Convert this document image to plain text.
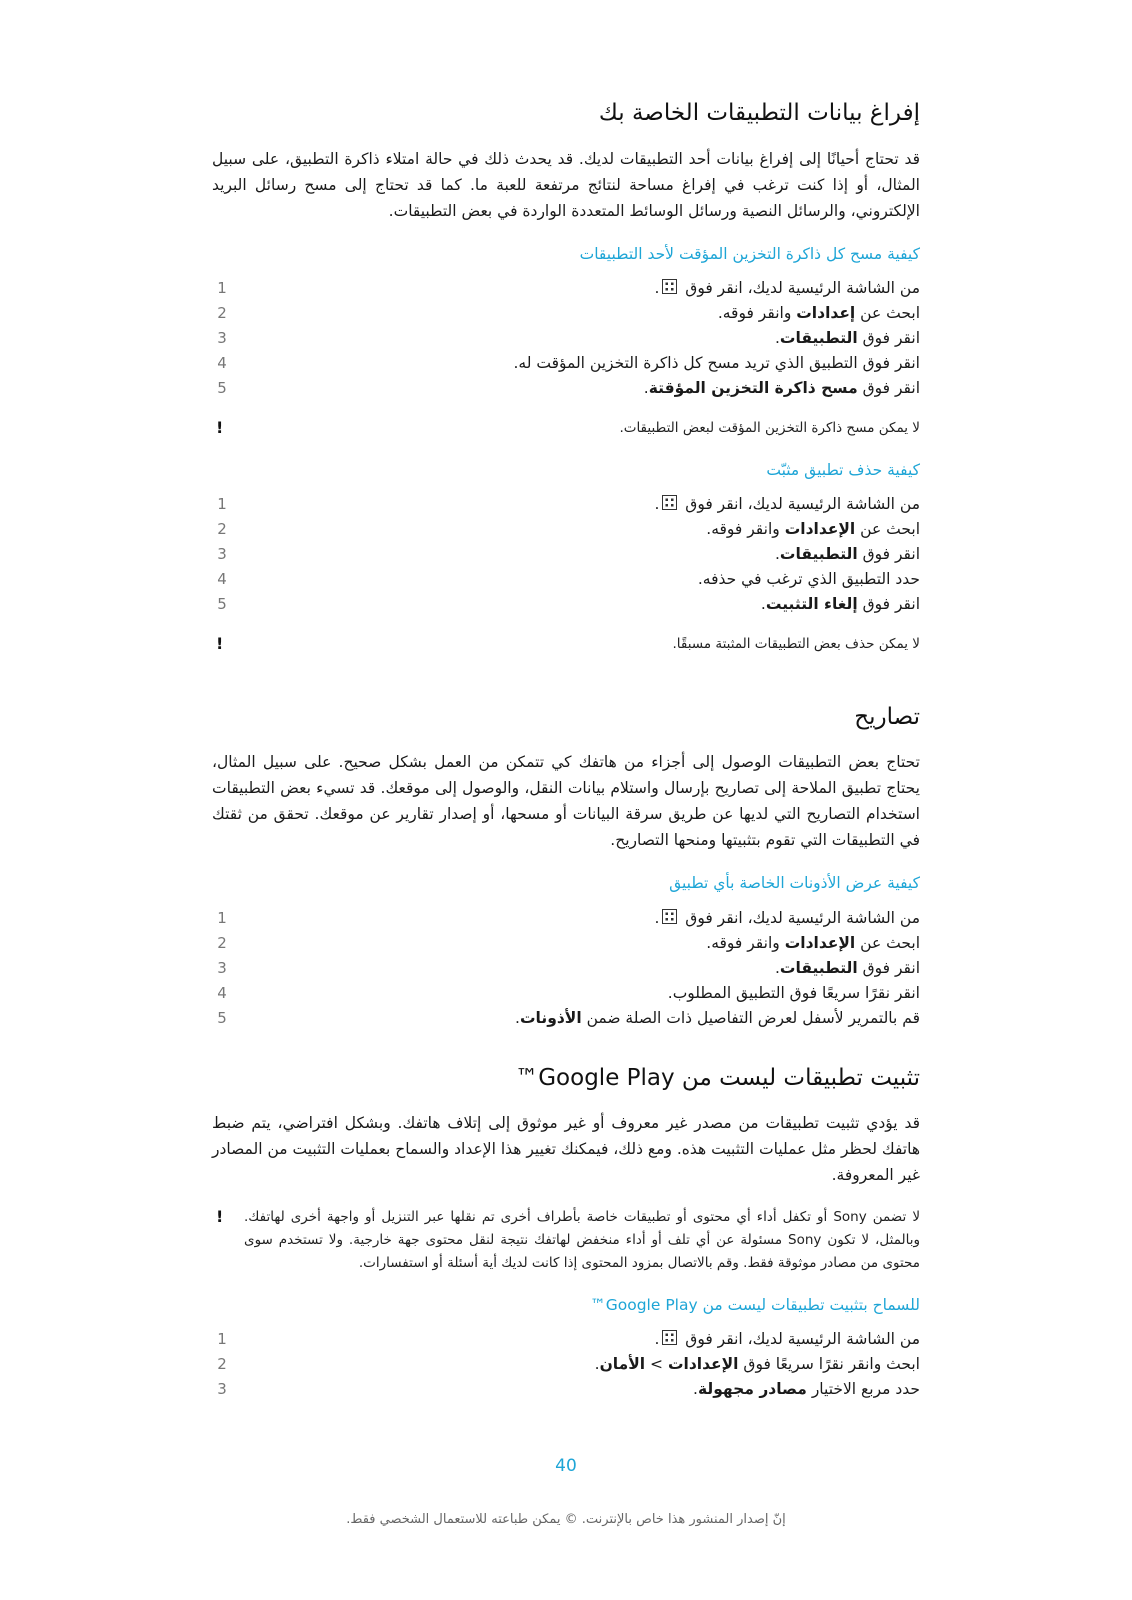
إفراغ بيانات التطبيقات الخاصة بك

قد تحتاج أحيانًا إلى إفراغ بيانات أحد التطبيقات لديك. قد يحدث ذلك في حالة امتلاء ذاكرة التطبيق، على سبيل المثال، أو إذا كنت ترغب في إفراغ مساحة لنتائج مرتفعة للعبة ما. كما قد تحتاج إلى مسح رسائل البريد الإلكتروني، والرسائل النصية ورسائل الوسائط المتعددة الواردة في بعض التطبيقات.

كيفية مسح كل ذاكرة التخزين المؤقت لأحد التطبيقات
1	من الشاشة الرئيسية لديك، انقر فوق .
2	ابحث عن إعدادات وانقر فوقه.
3	انقر فوق التطبيقات.
4	انقر فوق التطبيق الذي تريد مسح كل ذاكرة التخزين المؤقت له.
5	انقر فوق مسح ذاكرة التخزين المؤقتة.
!	لا يمكن مسح ذاكرة التخزين المؤقت لبعض التطبيقات.
كيفية حذف تطبيق مثبّت
1	من الشاشة الرئيسية لديك، انقر فوق .
2	ابحث عن الإعدادات وانقر فوقه.
3	انقر فوق التطبيقات.
4	حدد التطبيق الذي ترغب في حذفه.
5	انقر فوق إلغاء التثبيت.
!	لا يمكن حذف بعض التطبيقات المثبتة مسبقًا.
تصاريح

تحتاج بعض التطبيقات الوصول إلى أجزاء من هاتفك كي تتمكن من العمل بشكل صحيح. على سبيل المثال، يحتاج تطبيق الملاحة إلى تصاريح بإرسال واستلام بيانات النقل، والوصول إلى موقعك. قد تسيء بعض التطبيقات استخدام التصاريح التي لديها عن طريق سرقة البيانات أو مسحها، أو إصدار تقارير عن موقعك. تحقق من ثقتك في التطبيقات التي تقوم بتثبيتها ومنحها التصاريح.

كيفية عرض الأذونات الخاصة بأي تطبيق
1	من الشاشة الرئيسية لديك، انقر فوق .
2	ابحث عن الإعدادات وانقر فوقه.
3	انقر فوق التطبيقات.
4	انقر نقرًا سريعًا فوق التطبيق المطلوب.
5	قم بالتمرير لأسفل لعرض التفاصيل ذات الصلة ضمن الأذونات.
تثبيت تطبيقات ليست من Google Play™

قد يؤدي تثبيت تطبيقات من مصدر غير معروف أو غير موثوق إلى إتلاف هاتفك. وبشكل افتراضي، يتم ضبط هاتفك لحظر مثل عمليات التثبيت هذه. ومع ذلك، فيمكنك تغيير هذا الإعداد والسماح بعمليات التثبيت من المصادر غير المعروفة.

! لا تضمن Sony أو تكفل أداء أي محتوى أو تطبيقات خاصة بأطراف أخرى تم نقلها عبر التنزيل أو واجهة أخرى لهاتفك. وبالمثل، لا تكون Sony مسئولة عن أي تلف أو أداء منخفض لهاتفك نتيجة لنقل محتوى جهة خارجية. ولا تستخدم سوى محتوى من مصادر موثوقة فقط. وقم بالاتصال بمزود المحتوى إذا كانت لديك أية أسئلة أو استفسارات.
للسماح بتثبيت تطبيقات ليست من Google Play™
1	من الشاشة الرئيسية لديك، انقر فوق .
2	ابحث وانقر نقرًا سريعًا فوق الإعدادات > الأمان.
3	حدد مربع الاختيار مصادر مجهولة.
40
إنّ إصدار المنشور هذا خاص بالإنترنت. © يمكن طباعته للاستعمال الشخصي فقط.
